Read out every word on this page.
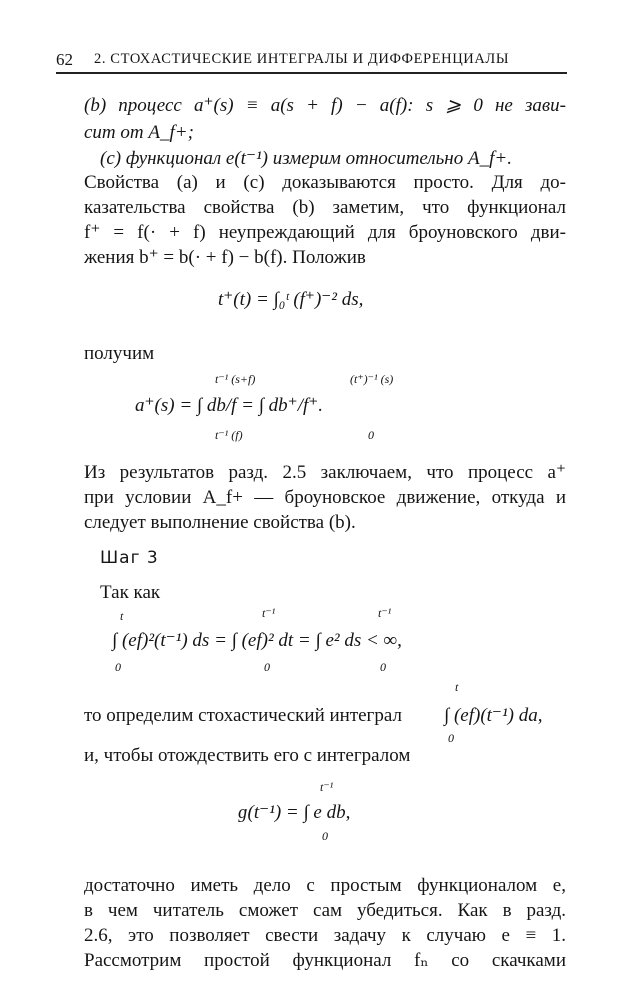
62 2. СТОХАСТИЧЕСКИЕ ИНТЕГРАЛЫ И ДИФФЕРЕНЦИАЛЫ
(b) процесс a⁺(s) ≡ a(s + f) − a(f): s ⩾ 0 не зави-
сит от A_f+;
(c) функционал e(t⁻¹) измерим относительно A_f+.
Свойства (a) и (c) доказываются просто. Для до-
казательства свойства (b) заметим, что функционал
f⁺ = f(· + f) неупреждающий для броуновского дви-
жения b⁺ = b(· + f) − b(f). Положив
t⁺(t) = ∫₀ᵗ (f⁺)⁻² ds,
получим
a⁺(s) = ∫ db/f = ∫ db⁺/f⁺.
t⁻¹ (s+f)
t⁻¹ (f)
(t⁺)⁻¹ (s)
0
Из результатов разд. 2.5 заключаем, что процесс a⁺
при условии A_f+ — броуновское движение, откуда и
следует выполнение свойства (b).
Шаг 3
Так как
∫ (ef)²(t⁻¹) ds = ∫ (ef)² dt = ∫ e² ds < ∞,
t
0
t⁻¹
0
t⁻¹
0
то определим стохастический интеграл ∫ (ef)(t⁻¹) da,
t
0
и, чтобы отождествить его с интегралом
ɡ(t⁻¹) = ∫ e db,
t⁻¹
0
достаточно иметь дело с простым функционалом e,
в чем читатель сможет сам убедиться. Как в разд.
2.6, это позволяет свести задачу к случаю e ≡ 1.
Рассмотрим простой функционал fₙ со скачками
